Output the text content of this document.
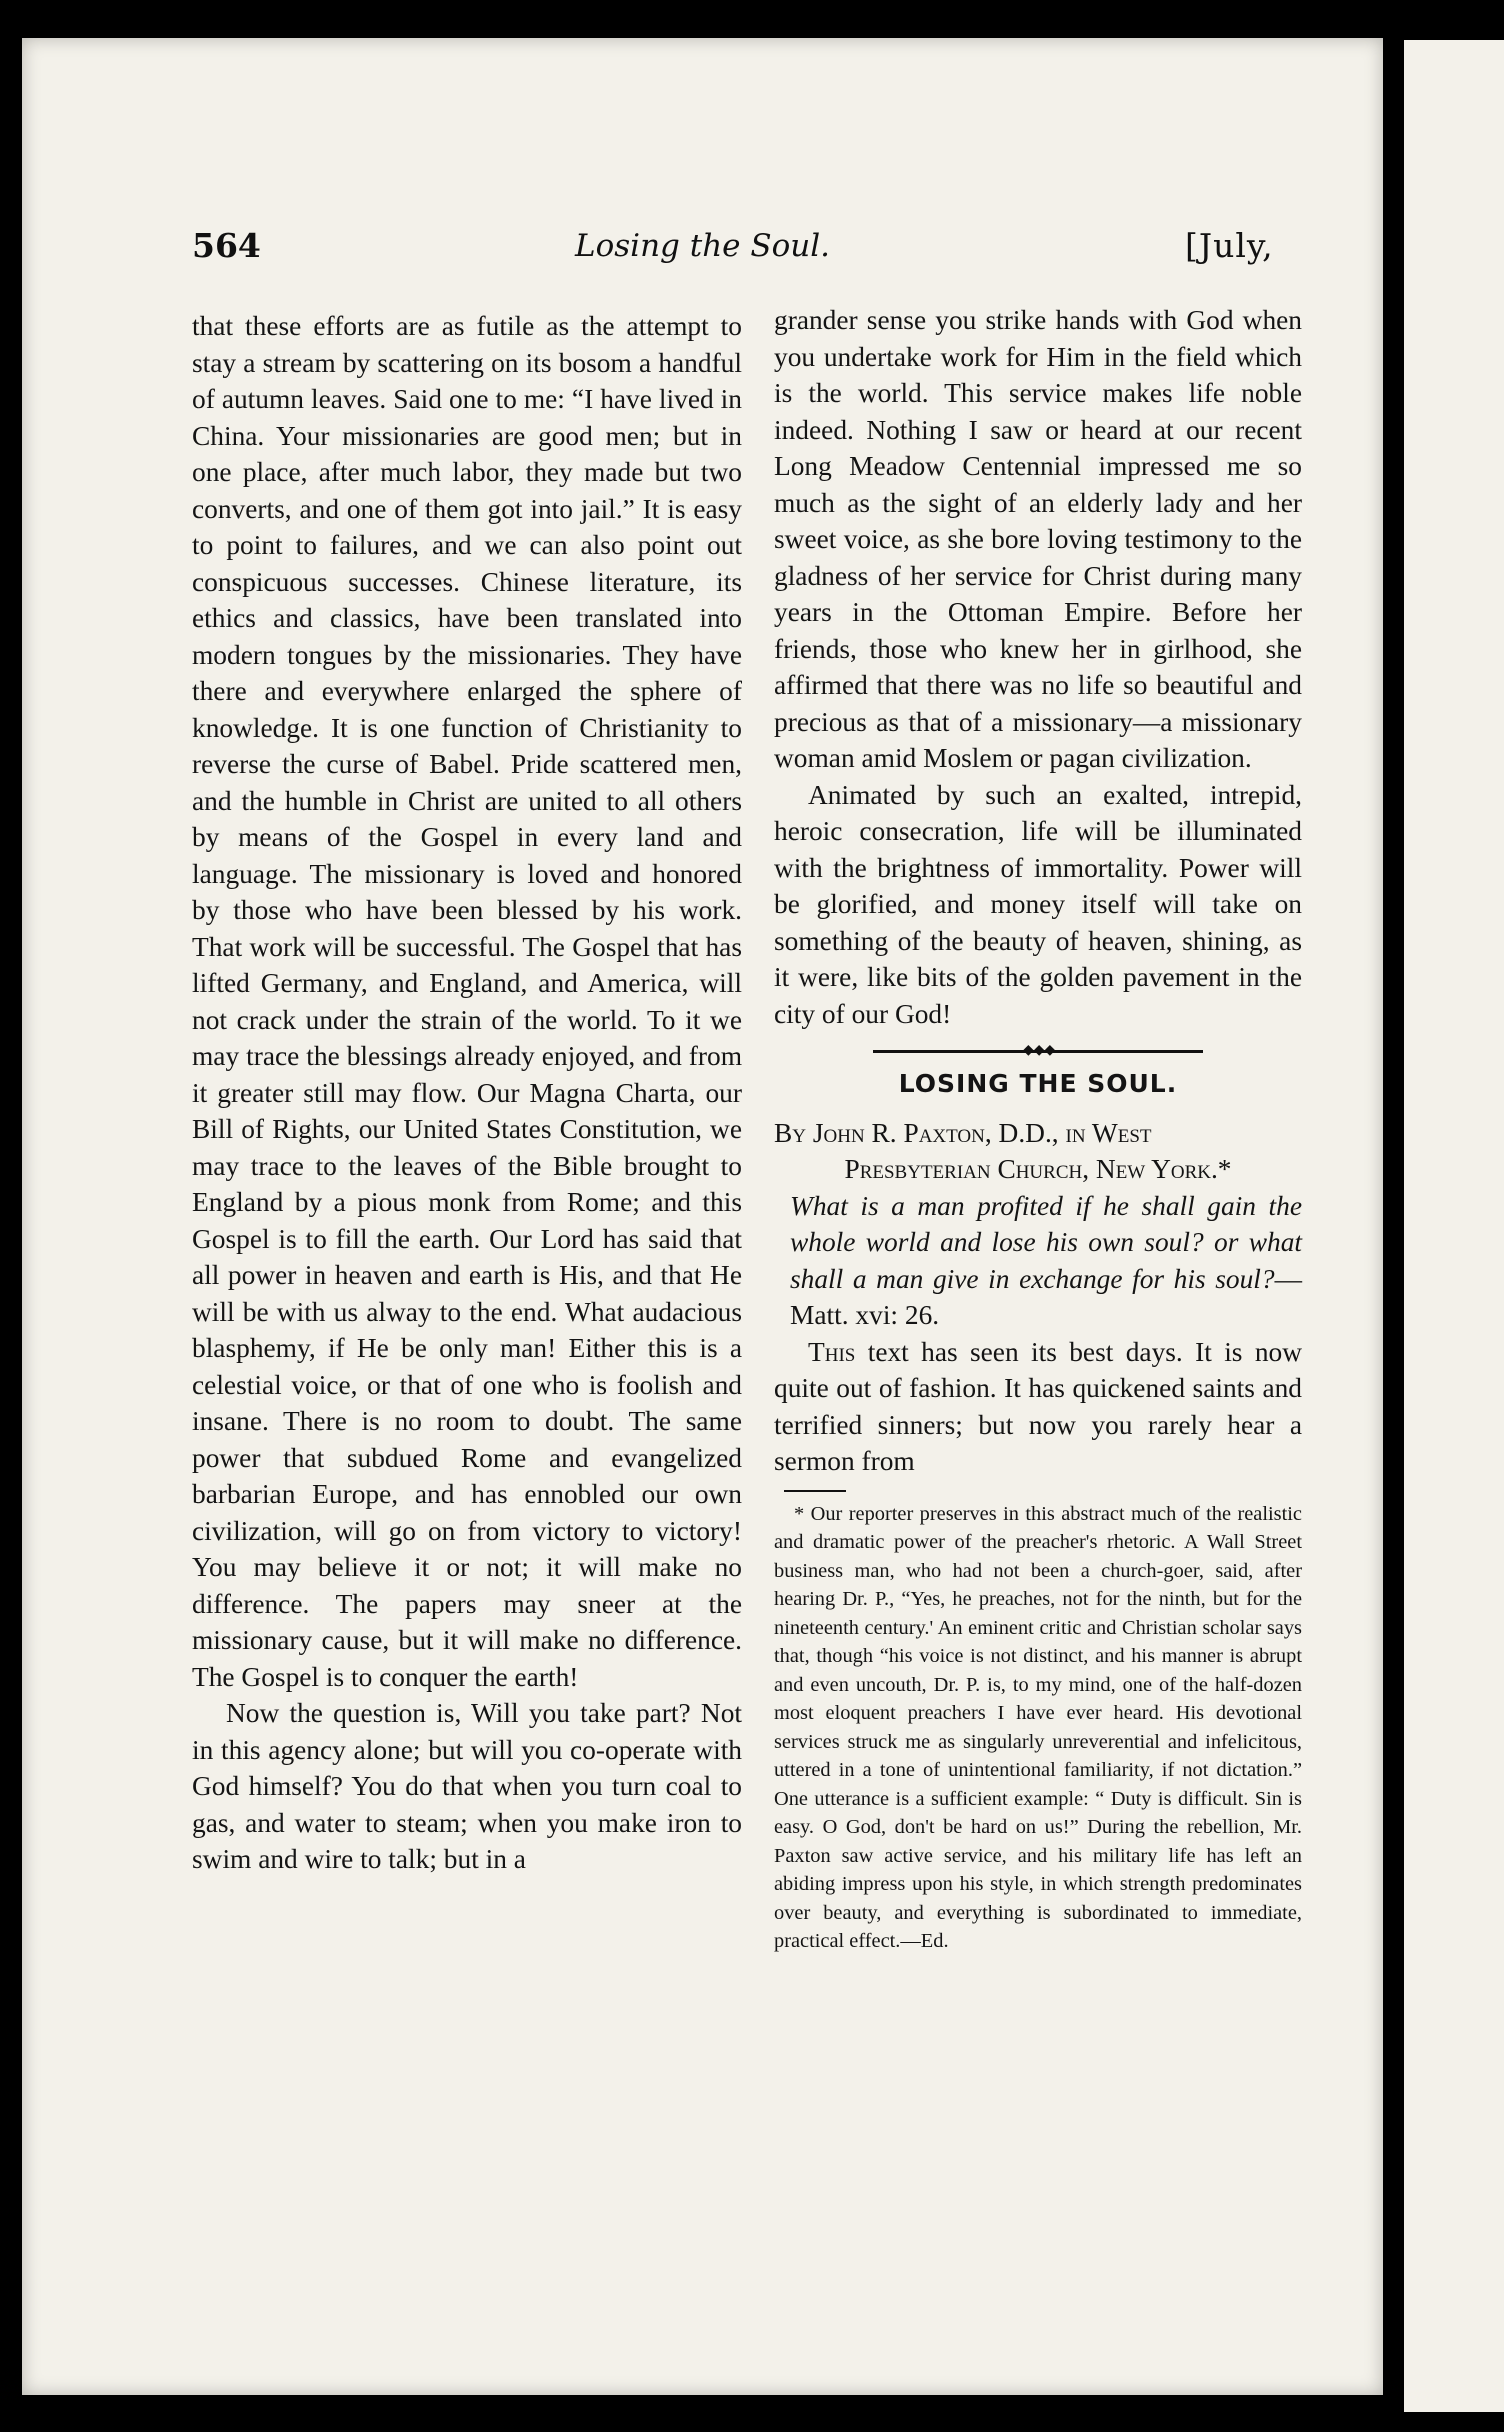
564	Losing the Soul.	[July,

that these efforts are as futile as the attempt to stay a stream by scattering on its bosom a handful of autumn leaves. Said one to me: “I have lived in China. Your missionaries are good men; but in one place, after much labor, they made but two converts, and one of them got into jail.” It is easy to point to failures, and we can also point out conspicuous successes. Chinese literature, its ethics and classics, have been translated into modern tongues by the missionaries. They have there and everywhere enlarged the sphere of knowledge. It is one function of Christianity to reverse the curse of Babel. Pride scattered men, and the humble in Christ are united to all others by means of the Gospel in every land and language. The missionary is loved and honored by those who have been blessed by his work. That work will be successful. The Gospel that has lifted Germany, and England, and America, will not crack under the strain of the world. To it we may trace the blessings already enjoyed, and from it greater still may flow. Our Magna Charta, our Bill of Rights, our United States Constitution, we may trace to the leaves of the Bible brought to England by a pious monk from Rome; and this Gospel is to fill the earth. Our Lord has said that all power in heaven and earth is His, and that He will be with us alway to the end. What audacious blasphemy, if He be only man! Either this is a celestial voice, or that of one who is foolish and insane. There is no room to doubt. The same power that subdued Rome and evangelized barbarian Europe, and has ennobled our own civilization, will go on from victory to victory! You may believe it or not; it will make no difference. The papers may sneer at the missionary cause, but it will make no difference. The Gospel is to conquer the earth!

Now the question is, Will you take part? Not in this agency alone; but will you co-operate with God himself? You do that when you turn coal to gas, and water to steam; when you make iron to swim and wire to talk; but in a

grander sense you strike hands with God when you undertake work for Him in the field which is the world. This service makes life noble indeed. Nothing I saw or heard at our recent Long Meadow Centennial impressed me so much as the sight of an elderly lady and her sweet voice, as she bore loving testimony to the gladness of her service for Christ during many years in the Ottoman Empire. Before her friends, those who knew her in girlhood, she affirmed that there was no life so beautiful and precious as that of a missionary—a missionary woman amid Moslem or pagan civilization.

Animated by such an exalted, intrepid, heroic consecration, life will be illuminated with the brightness of immortality. Power will be glorified, and money itself will take on something of the beauty of heaven, shining, as it were, like bits of the golden pavement in the city of our God!

◆◆◆
LOSING THE SOUL.

By John R. Paxton, D.D., in West

Presbyterian Church, New York.*

What is a man profited if he shall gain the whole world and lose his own soul? or what shall a man give in exchange for his soul?—Matt. xvi: 26.

This text has seen its best days. It is now quite out of fashion. It has quickened saints and terrified sinners; but now you rarely hear a sermon from

* Our reporter preserves in this abstract much of the realistic and dramatic power of the preacher's rhetoric. A Wall Street business man, who had not been a church-goer, said, after hearing Dr. P., “Yes, he preaches, not for the ninth, but for the nineteenth century.' An eminent critic and Christian scholar says that, though “his voice is not distinct, and his manner is abrupt and even uncouth, Dr. P. is, to my mind, one of the half-dozen most eloquent preachers I have ever heard. His devotional services struck me as singularly unreverential and infelicitous, uttered in a tone of unintentional familiarity, if not dictation.” One utterance is a sufficient example: “ Duty is difficult. Sin is easy. O God, don't be hard on us!” During the rebellion, Mr. Paxton saw active service, and his military life has left an abiding impress upon his style, in which strength predominates over beauty, and everything is subordinated to immediate, practical effect.—Ed.
